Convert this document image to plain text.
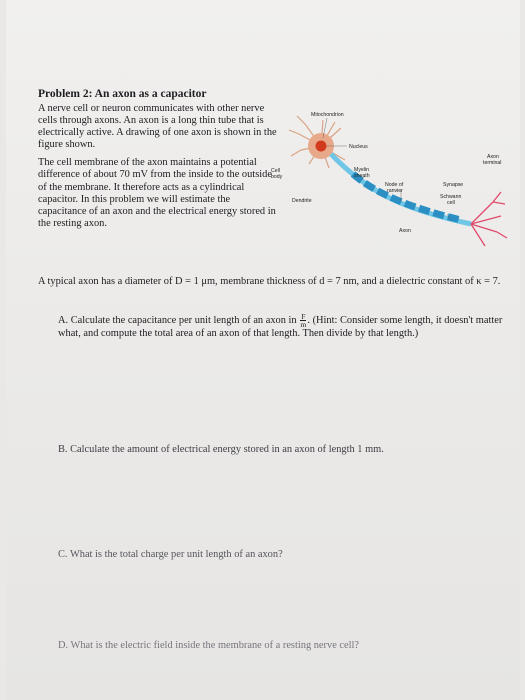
Problem 2: An axon as a capacitor

A nerve cell or neuron communicates with other nerve cells through axons. An axon is a long thin tube that is electrically active. A drawing of one axon is shown in the figure shown.

The cell membrane of the axon maintains a potential difference of about 70 mV from the inside to the outside of the membrane. It therefore acts as a cylindrical capacitor. In this problem we will estimate the capacitance of an axon and the electrical energy stored in the resting axon.

Mitochondrion
Nucleus
Cell
body
Dendrite
Myelin
sheath
Node of
ranvier
Axon
terminal
Synapse
Schwann
cell
Axon

A typical axon has a diameter of D = 1 μm, membrane thickness of d = 7 nm, and a dielectric constant of κ = 7.

A. Calculate the capacitance per unit length of an axon in $\frac{F}{m}$ . (Hint: Consider some length, it doesn't matter what, and compute the total area of an axon of that length. Then divide by that length.)

B. Calculate the amount of electrical energy stored in an axon of length 1 mm.

C. What is the total charge per unit length of an axon?

D. What is the electric field inside the membrane of a resting nerve cell?
